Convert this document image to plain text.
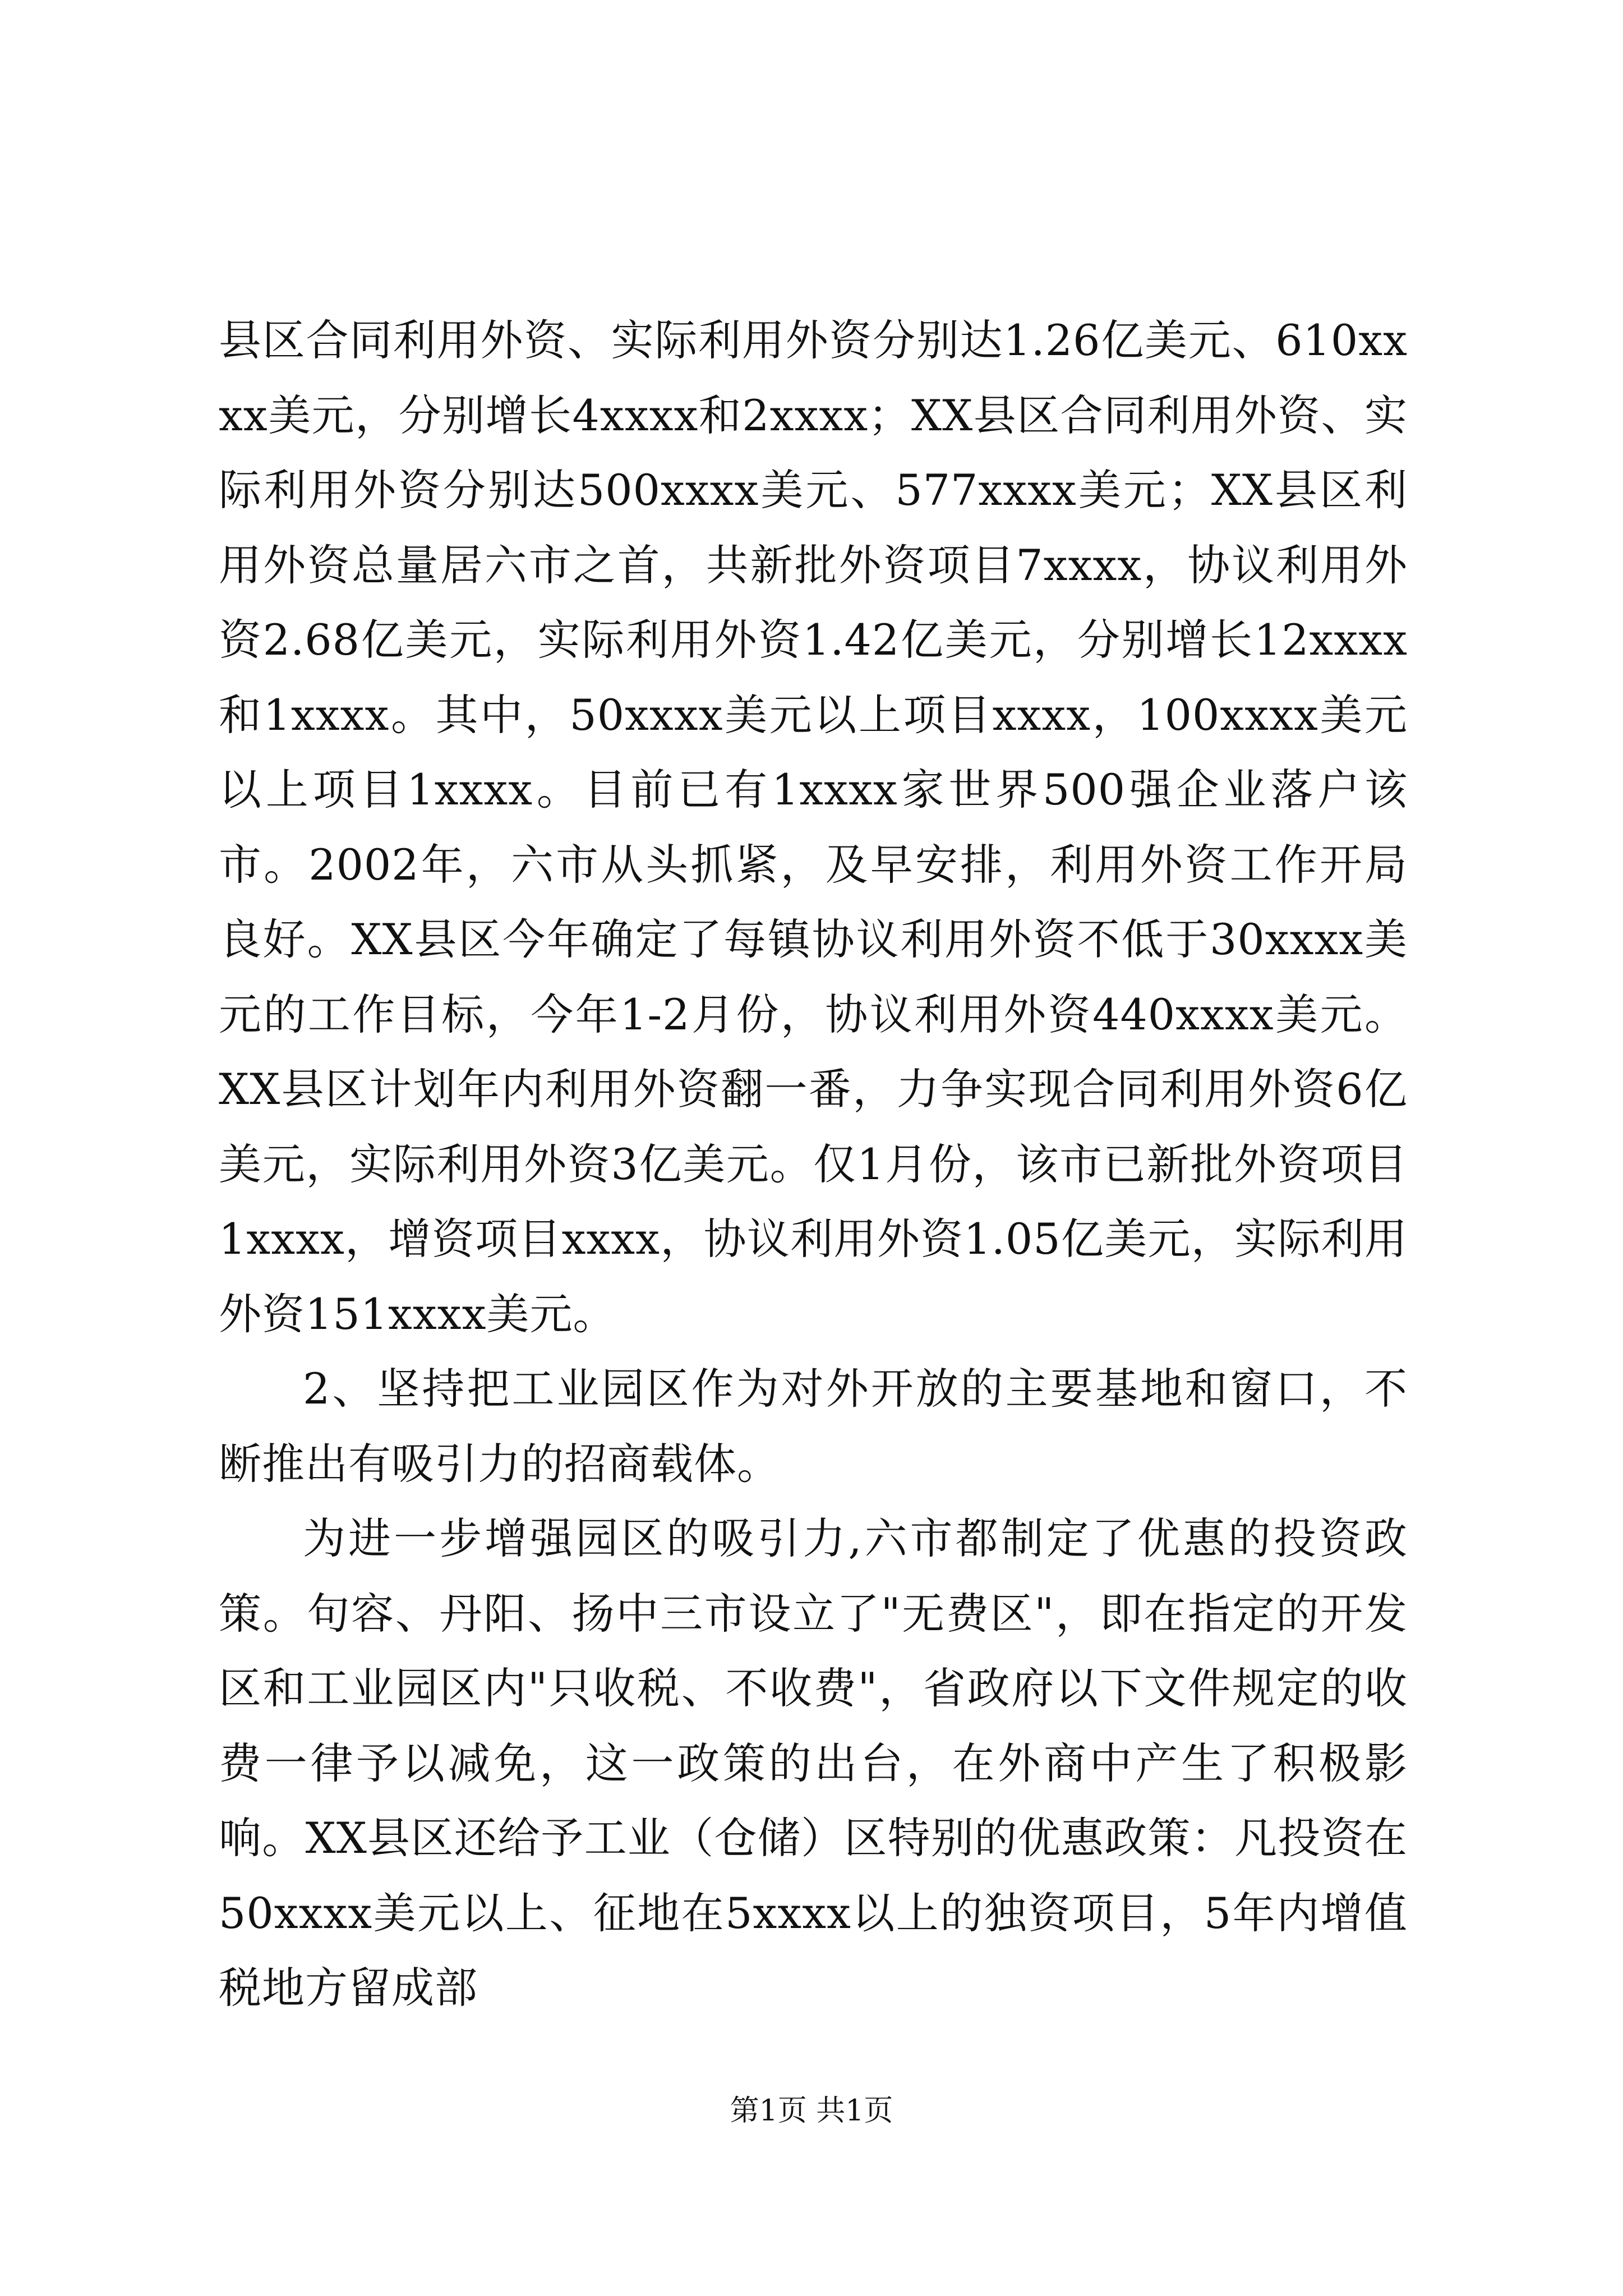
县区合同利用外资、实际利用外资分别达1.26亿美元、610xxxx美元，分别增长4xxxx和2xxxx；XX县区合同利用外资、实际利用外资分别达500xxxx美元、577xxxx美元；XX县区利用外资总量居六市之首，共新批外资项目7xxxx，协议利用外资2.68亿美元，实际利用外资1.42亿美元，分别增长12xxxx和1xxxx。其中，50xxxx美元以上项目xxxx，100xxxx美元以上项目1xxxx。目前已有1xxxx家世界500强企业落户该市。2002年，六市从头抓紧，及早安排，利用外资工作开局良好。XX县区今年确定了每镇协议利用外资不低于30xxxx美元的工作目标，今年1-2月份，协议利用外资440xxxx美元。XX县区计划年内利用外资翻一番，力争实现合同利用外资6亿美元，实际利用外资3亿美元。仅1月份，该市已新批外资项目1xxxx，增资项目xxxx，协议利用外资1.05亿美元，实际利用外资151xxxx美元。

2、坚持把工业园区作为对外开放的主要基地和窗口，不断推出有吸引力的招商载体。

为进一步增强园区的吸引力,六市都制定了优惠的投资政策。句容、丹阳、扬中三市设立了"无费区"，即在指定的开发区和工业园区内"只收税、不收费"，省政府以下文件规定的收费一律予以减免，这一政策的出台，在外商中产生了积极影响。XX县区还给予工业（仓储）区特别的优惠政策：凡投资在50xxxx美元以上、征地在5xxxx以上的独资项目，5年内增值税地方留成部

第1页 共1页
